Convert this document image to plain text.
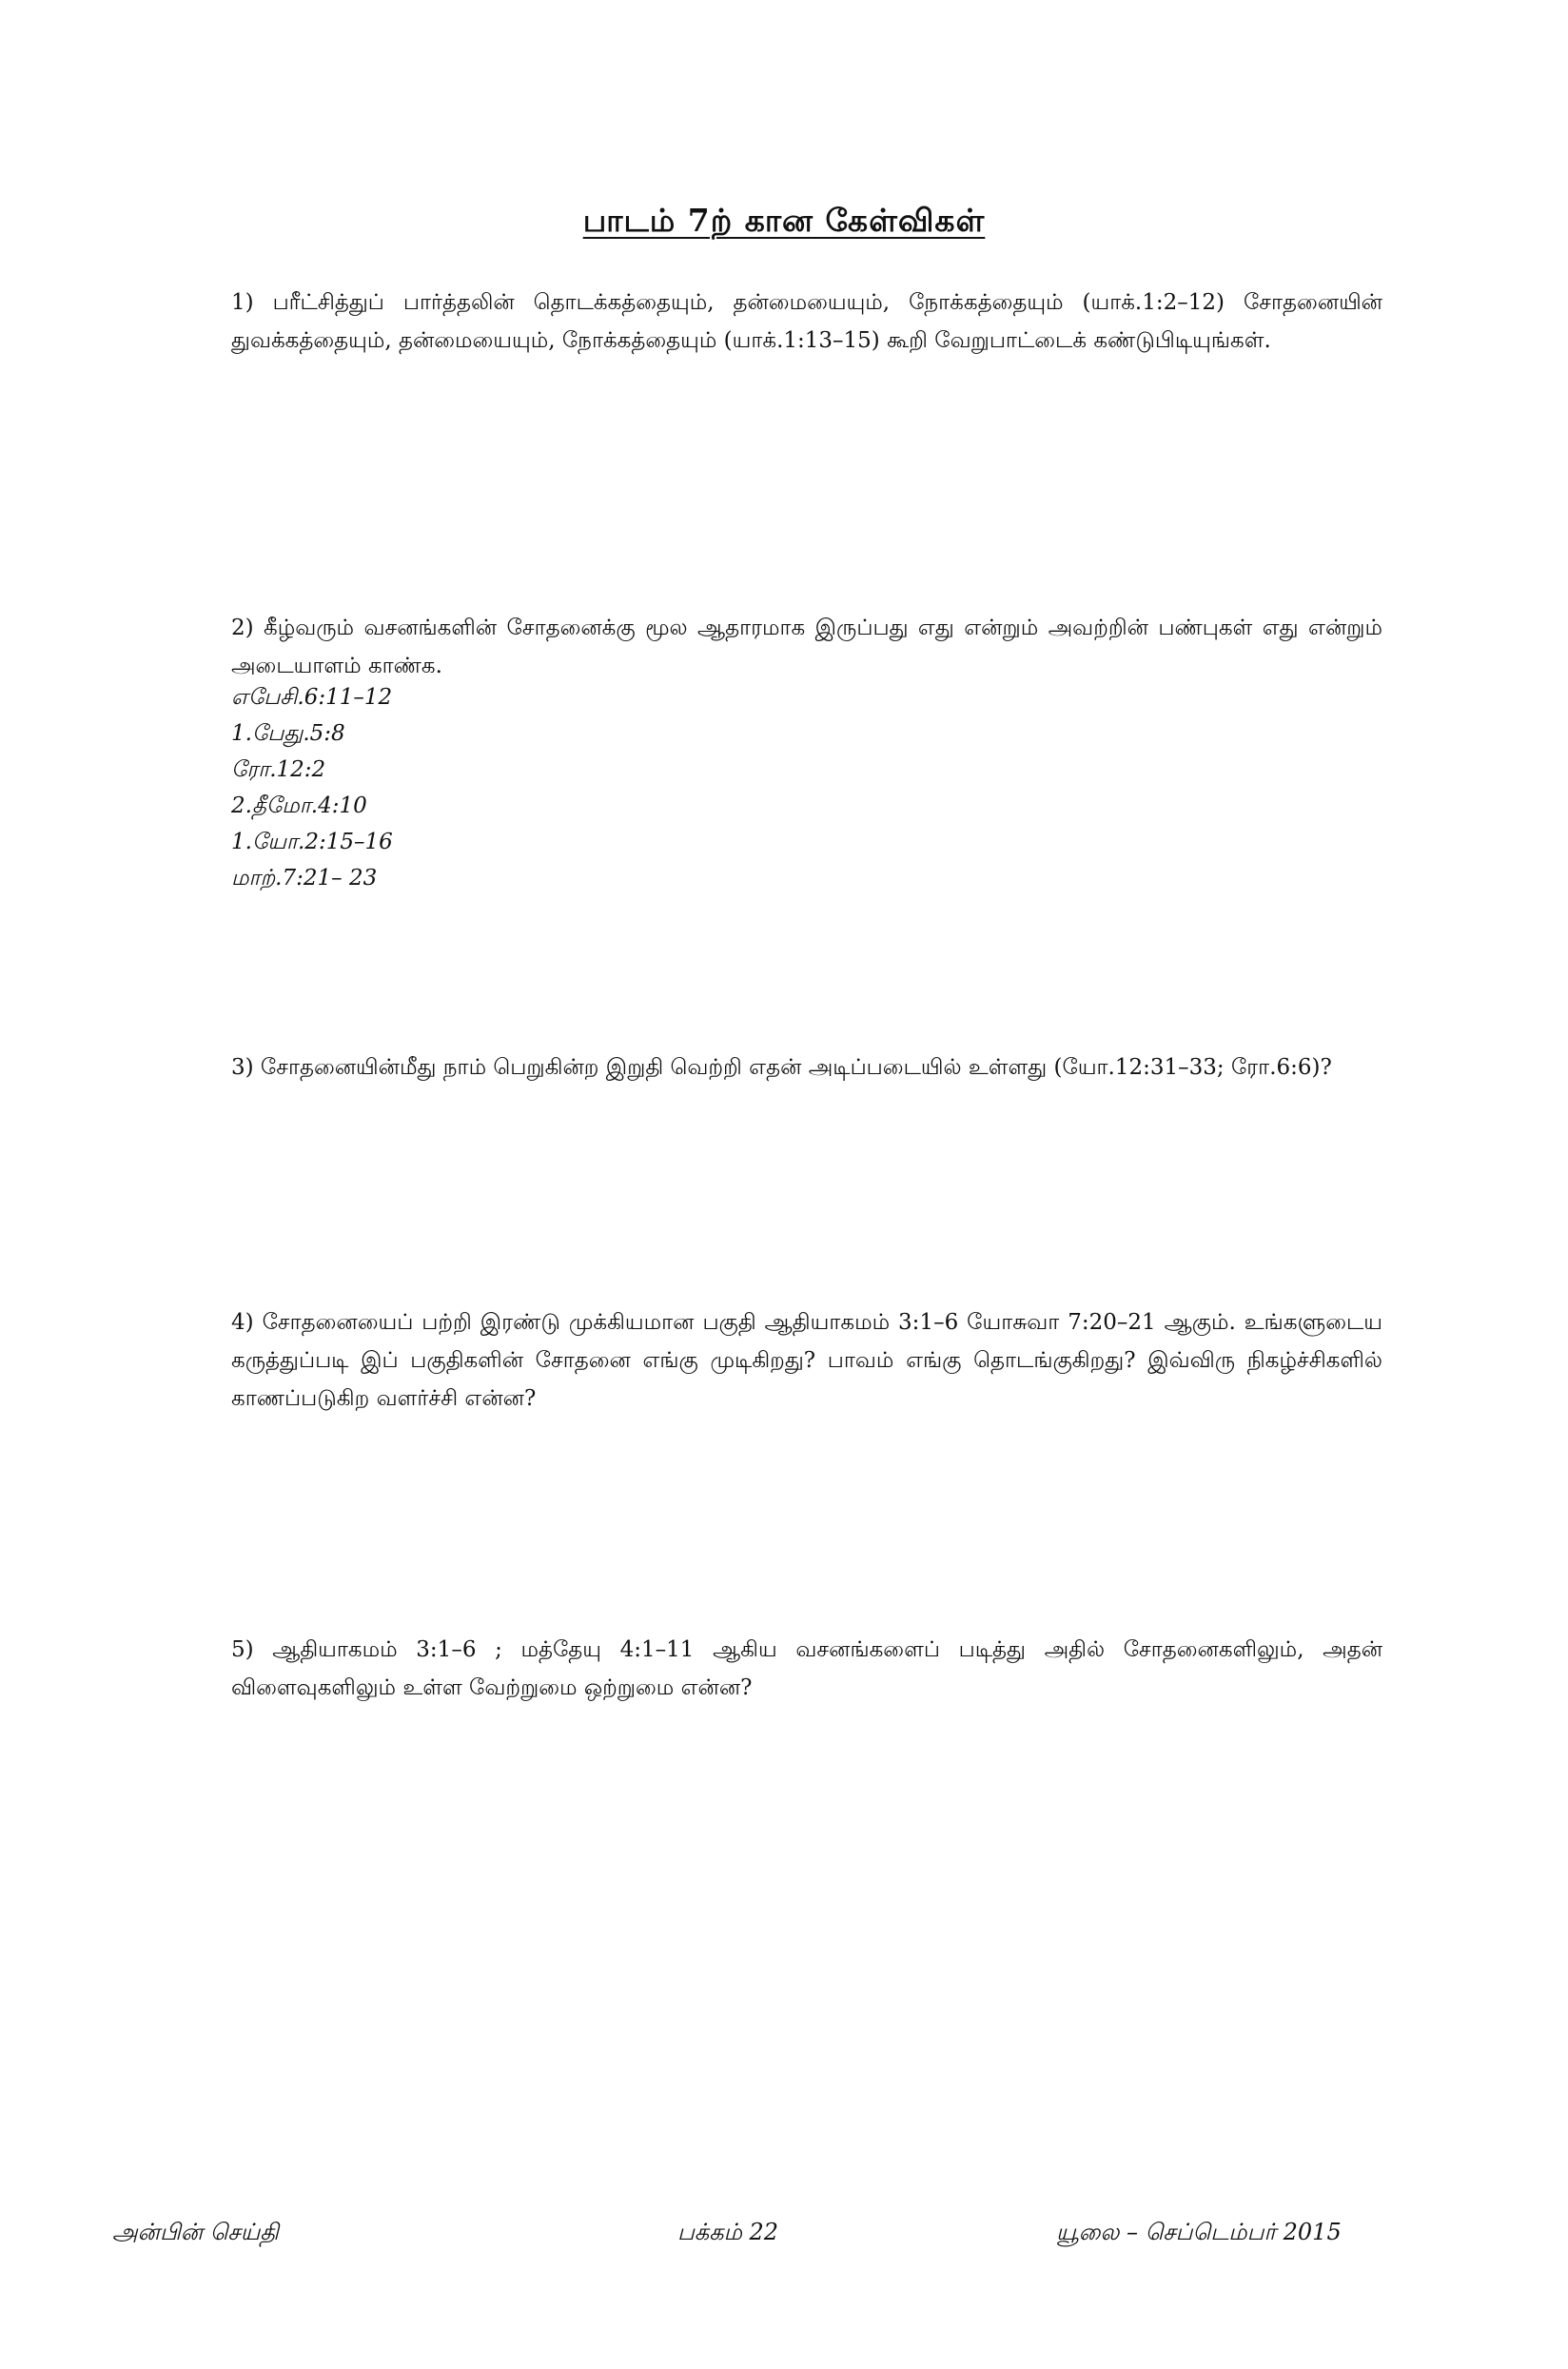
பாடம் 7ற் கான கேள்விகள்
1) பரீட்சித்துப் பார்த்தலின் தொடக்கத்தையும், தன்மையையும், நோக்கத்தையும் (யாக்.1:2–12) சோதனையின் துவக்கத்தையும், தன்மையையும், நோக்கத்தையும் (யாக்.1:13–15) கூறி வேறுபாட்டைக் கண்டுபிடியுங்கள்.
2) கீழ்வரும் வசனங்களின் சோதனைக்கு மூல ஆதாரமாக இருப்பது எது என்றும் அவற்றின் பண்புகள் எது என்றும் அடையாளம் காண்க.
எபேசி.6:11–12
1.பேது.5:8
ரோ.12:2
2.தீமோ.4:10
1.யோ.2:15–16
மாற்.7:21– 23
3) சோதனையின்மீது நாம் பெறுகின்ற இறுதி வெற்றி எதன் அடிப்படையில் உள்ளது (யோ.12:31–33; ரோ.6:6)?
4) சோதனையைப் பற்றி இரண்டு முக்கியமான பகுதி ஆதியாகமம் 3:1–6 யோசுவா 7:20–21 ஆகும். உங்களுடைய கருத்துப்படி இப் பகுதிகளின் சோதனை எங்கு முடிகிறது? பாவம் எங்கு தொடங்குகிறது? இவ்விரு நிகழ்ச்சிகளில் காணப்படுகிற வளர்ச்சி என்ன?
5) ஆதியாகமம் 3:1–6 ; மத்தேயு 4:1–11 ஆகிய வசனங்களைப் படித்து அதில் சோதனைகளிலும், அதன் விளைவுகளிலும் உள்ள வேற்றுமை ஒற்றுமை என்ன?
அன்பின் செய்தி	பக்கம் 22	யூலை – செப்டெம்பர் 2015
